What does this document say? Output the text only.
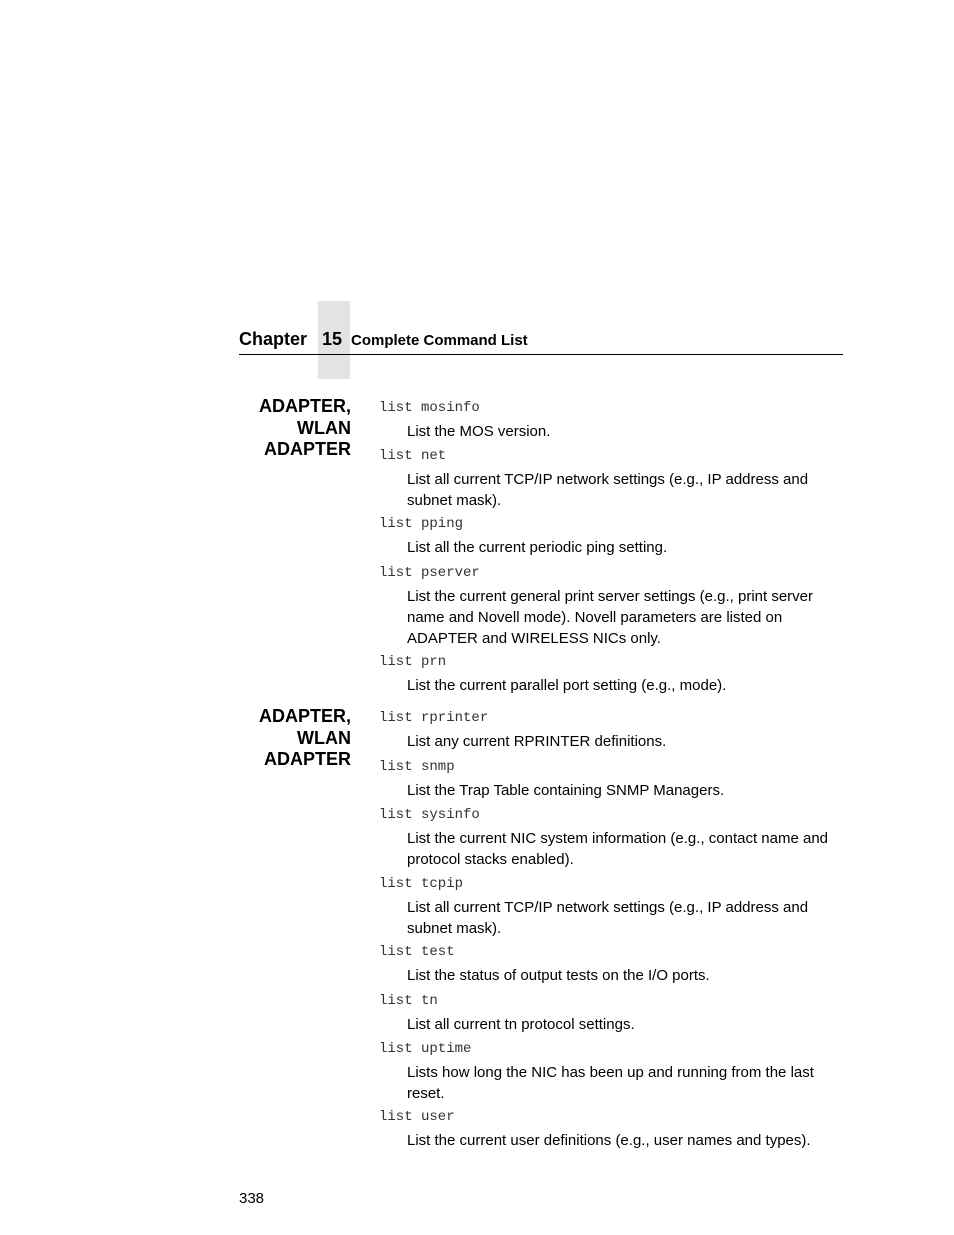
Chapter 15 Complete Command List
ADAPTER,
WLAN
ADAPTER
ADAPTER,
WLAN
ADAPTER
list mosinfo
List the MOS version.
list net
List all current TCP/IP network settings (e.g., IP address and subnet mask).
list pping
List all the current periodic ping setting.
list pserver
List the current general print server settings (e.g., print server name and Novell mode). Novell parameters are listed on ADAPTER and WIRELESS NICs only.
list prn
List the current parallel port setting (e.g., mode).
list rprinter
List any current RPRINTER definitions.
list snmp
List the Trap Table containing SNMP Managers.
list sysinfo
List the current NIC system information (e.g., contact name and protocol stacks enabled).
list tcpip
List all current TCP/IP network settings (e.g., IP address and subnet mask).
list test
List the status of output tests on the I/O ports.
list tn
List all current tn protocol settings.
list uptime
Lists how long the NIC has been up and running from the last reset.
list user
List the current user definitions (e.g., user names and types).
338
